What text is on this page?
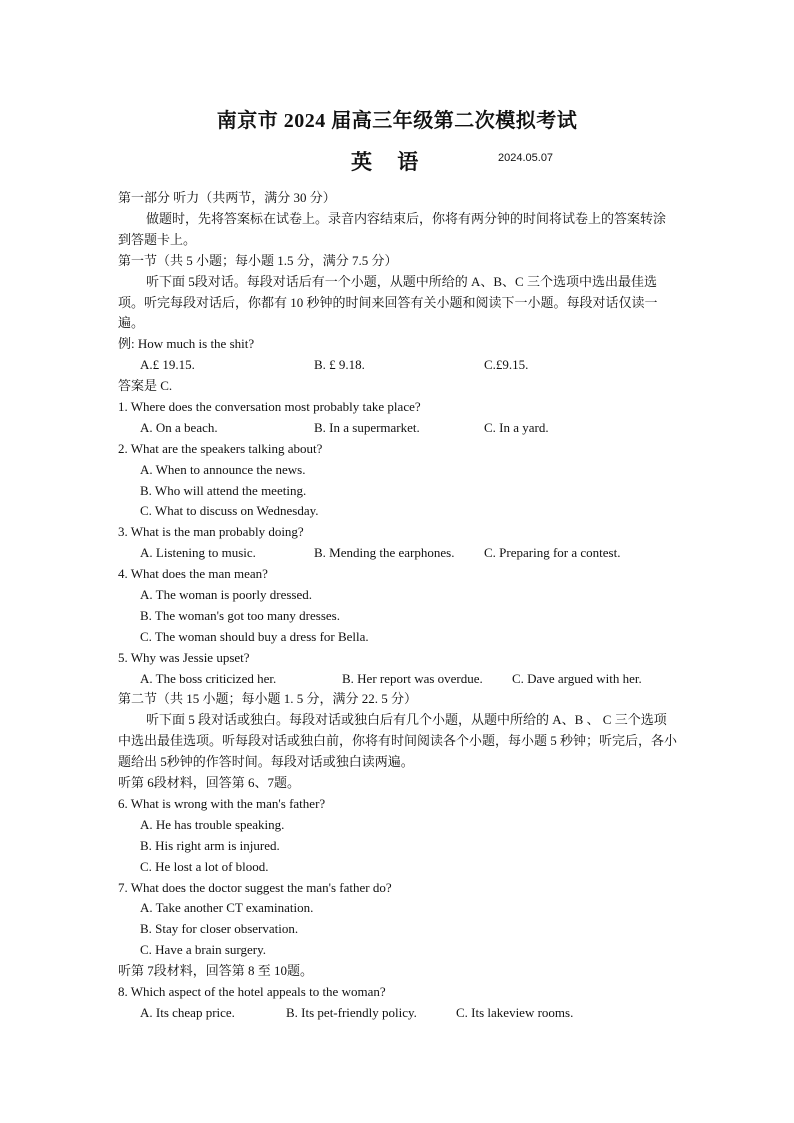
南京市 2024 届高三年级第二次模拟考试
英 语	2024.05.07
第一部分 听力（共两节，满分 30 分）
做题时，先将答案标在试卷上。录音内容结束后，你将有两分钟的时间将试卷上的答案转涂到答题卡上。
第一节（共 5 小题；每小题 1.5 分，满分 7.5 分）
听下面 5段对话。每段对话后有一个小题，从题中所给的 A、B、C 三个选项中选出最佳选项。听完每段对话后，你都有 10 秒钟的时间来回答有关小题和阅读下一小题。每段对话仅读一遍。
例: How much is the shit?
A.£ 19.15.	B. £ 9.18.	C.£9.15.
答案是 C.
1. Where does the conversation most probably take place?
A. On a beach.	B. In a supermarket.	C. In a yard.
2. What are the speakers talking about?
A. When to announce the news.
B. Who will attend the meeting.
C. What to discuss on Wednesday.
3. What is the man probably doing?
A. Listening to music.	B. Mending the earphones.	C. Preparing for a contest.
4. What does the man mean?
A. The woman is poorly dressed.
B. The woman's got too many dresses.
C. The woman should buy a dress for Bella.
5. Why was Jessie upset?
A. The boss criticized her.	B. Her report was overdue.	C. Dave argued with her.
第二节（共 15 小题；每小题 1. 5 分，满分 22. 5 分）
听下面 5 段对话或独白。每段对话或独白后有几个小题，从题中所给的 A、B 、 C 三个选项中选出最佳选项。听每段对话或独白前，你将有时间阅读各个小题，每小题 5 秒钟；听完后，各小题给出 5秒钟的作答时间。每段对话或独白读两遍。
听第 6段材料，回答第 6、7题。
6. What is wrong with the man's father?
A. He has trouble speaking.
B. His right arm is injured.
C. He lost a lot of blood.
7. What does the doctor suggest the man's father do?
A. Take another CT examination.
B. Stay for closer observation.
C. Have a brain surgery.
听第 7段材料，回答第 8 至 10题。
8. Which aspect of the hotel appeals to the woman?
A. Its cheap price.	B. Its pet-friendly policy.	C. Its lakeview rooms.
